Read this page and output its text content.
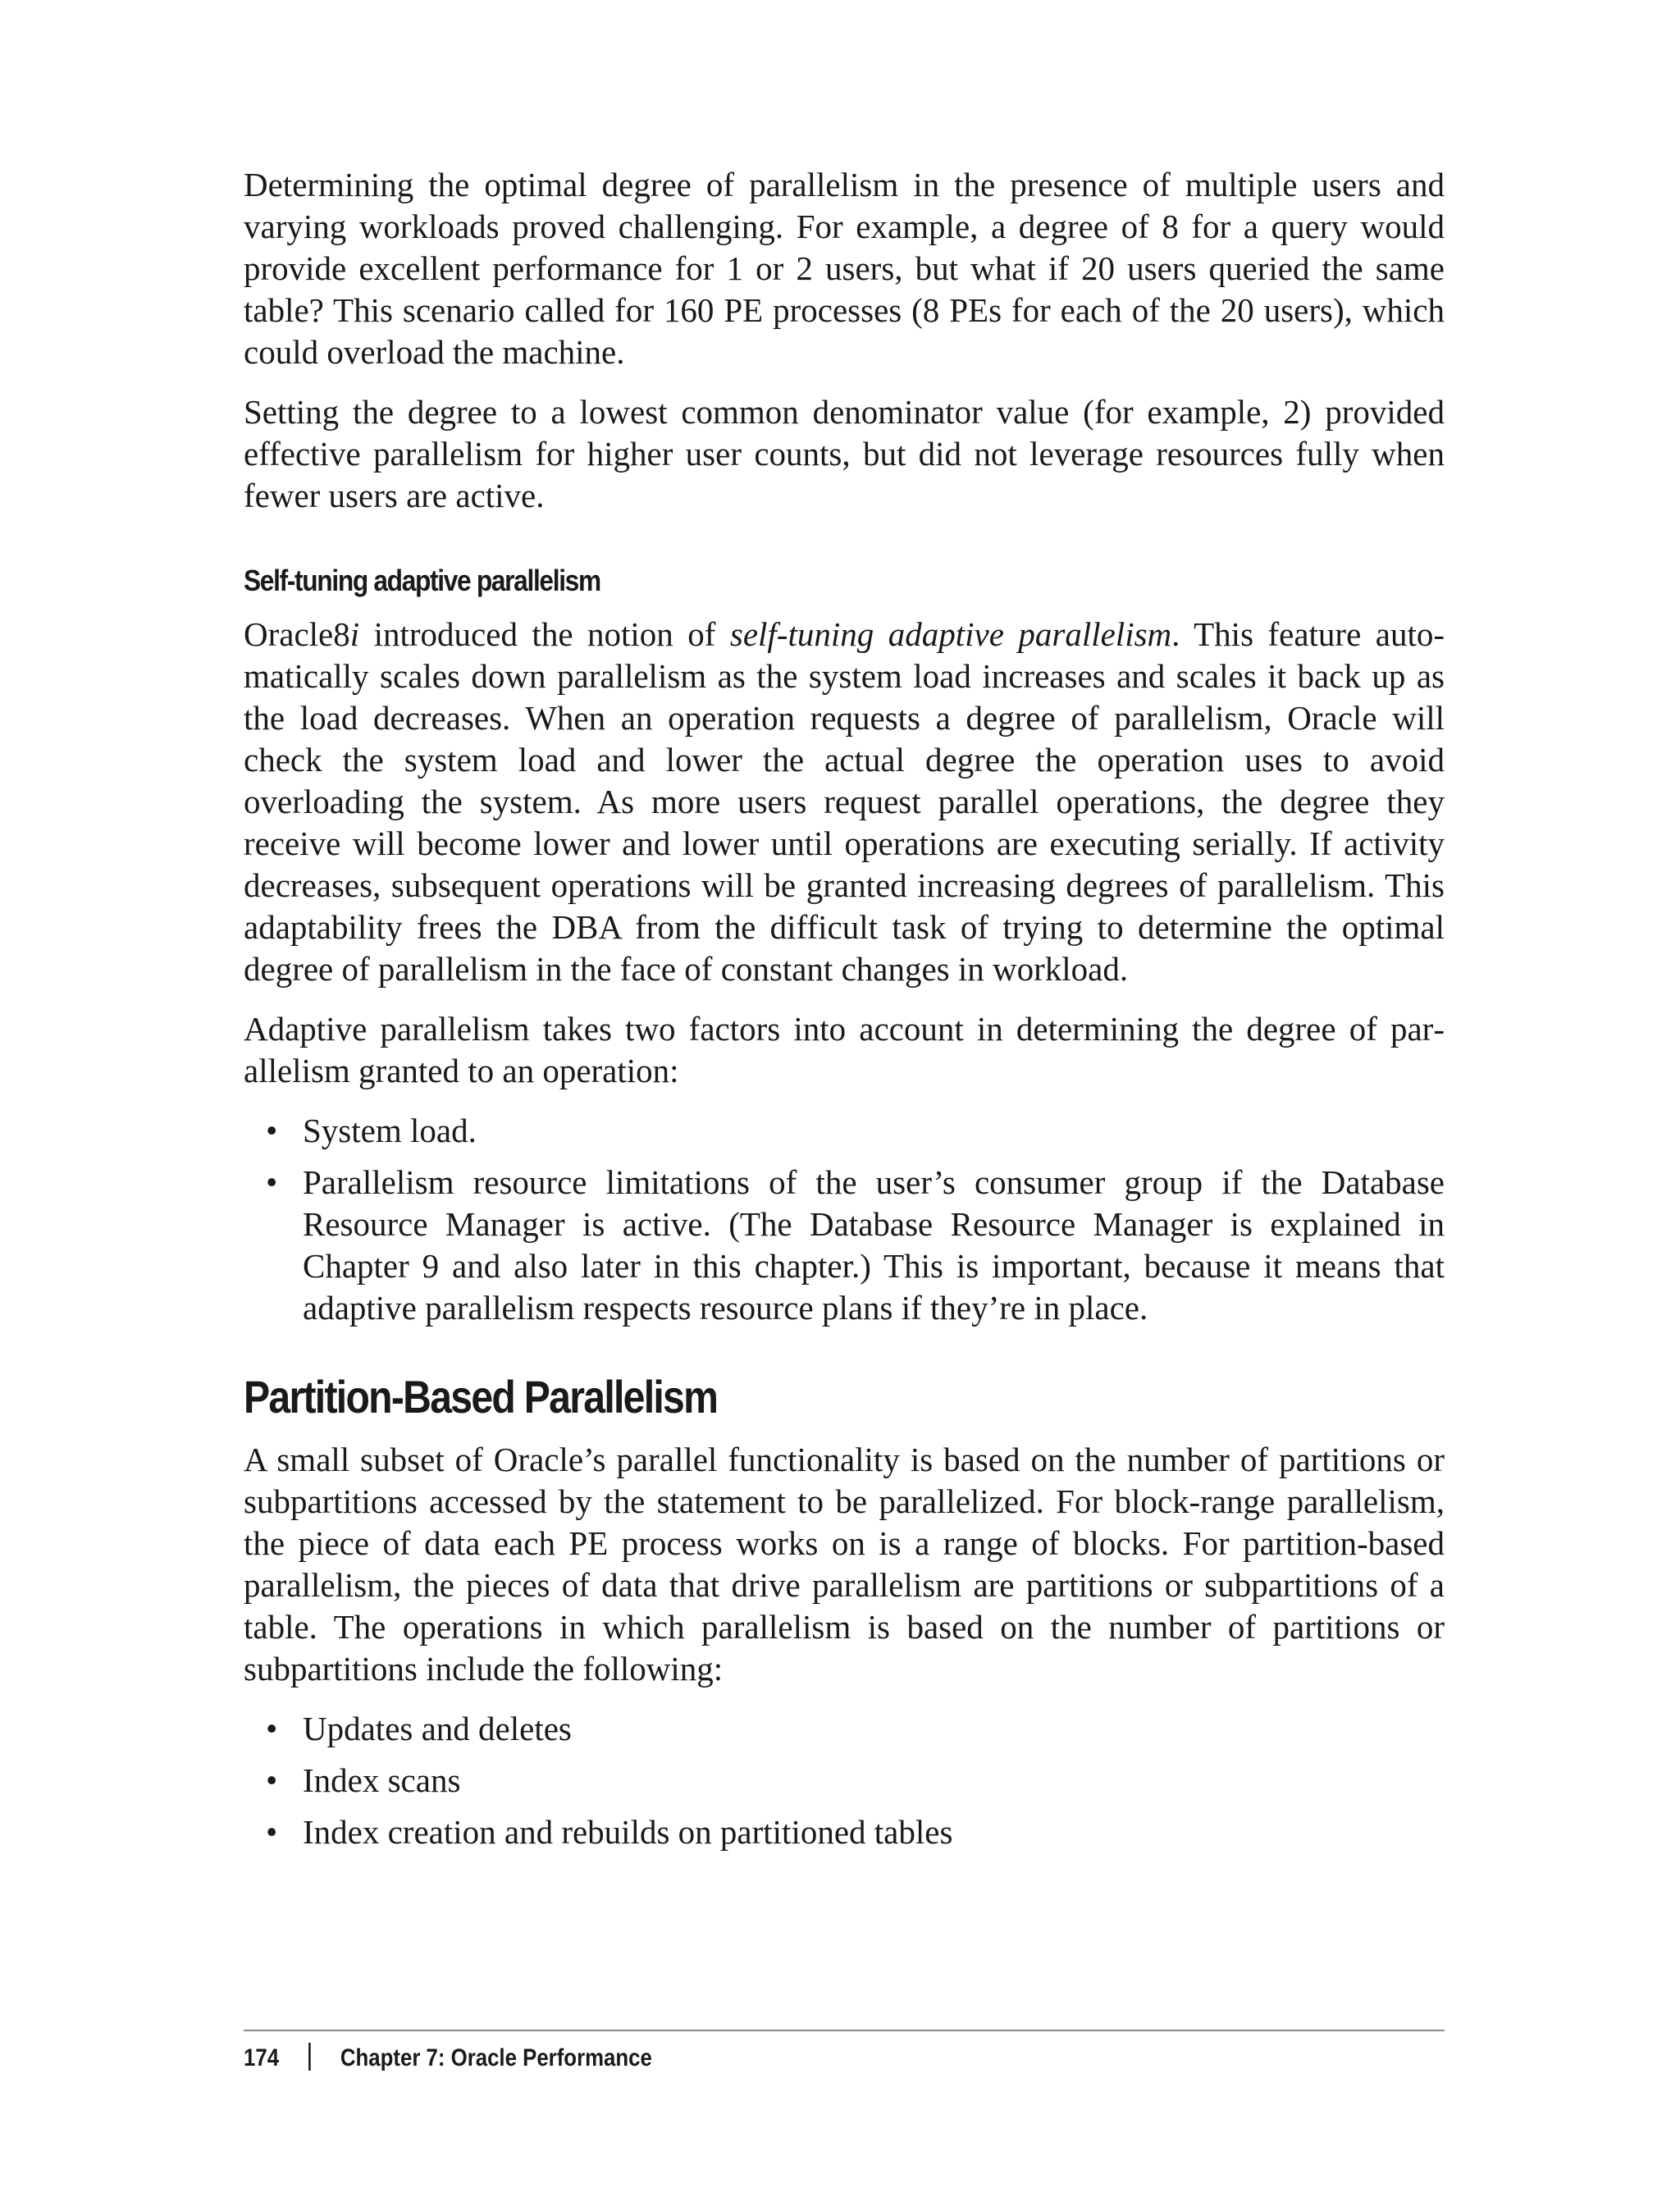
Determining the optimal degree of parallelism in the presence of multiple users and varying workloads proved challenging. For example, a degree of 8 for a query would provide excellent performance for 1 or 2 users, but what if 20 users queried the same table? This scenario called for 160 PE processes (8 PEs for each of the 20 users), which could overload the machine.

Setting the degree to a lowest common denominator value (for example, 2) provided effective parallelism for higher user counts, but did not leverage resources fully when fewer users are active.

Self-tuning adaptive parallelism

Oracle8i introduced the notion of self-tuning adaptive parallelism. This feature automatically scales down parallelism as the system load increases and scales it back up as the load decreases. When an operation requests a degree of parallelism, Oracle will check the system load and lower the actual degree the operation uses to avoid overloading the system. As more users request parallel operations, the degree they receive will become lower and lower until operations are executing serially. If activity decreases, subsequent operations will be granted increasing degrees of parallelism. This adaptability frees the DBA from the difficult task of trying to determine the optimal degree of parallelism in the face of constant changes in workload.

Adaptive parallelism takes two factors into account in determining the degree of parallelism granted to an operation:

• System load.
• Parallelism resource limitations of the user’s consumer group if the Database Resource Manager is active. (The Database Resource Manager is explained in Chapter 9 and also later in this chapter.) This is important, because it means that adaptive parallelism respects resource plans if they’re in place.
Partition-Based Parallelism

A small subset of Oracle’s parallel functionality is based on the number of partitions or subpartitions accessed by the statement to be parallelized. For block-range parallelism, the piece of data each PE process works on is a range of blocks. For partition-based parallelism, the pieces of data that drive parallelism are partitions or subpartitions of a table. The operations in which parallelism is based on the number of partitions or subpartitions include the following:

• Updates and deletes
• Index scans
• Index creation and rebuilds on partitioned tables
174 Chapter 7: Oracle Performance
